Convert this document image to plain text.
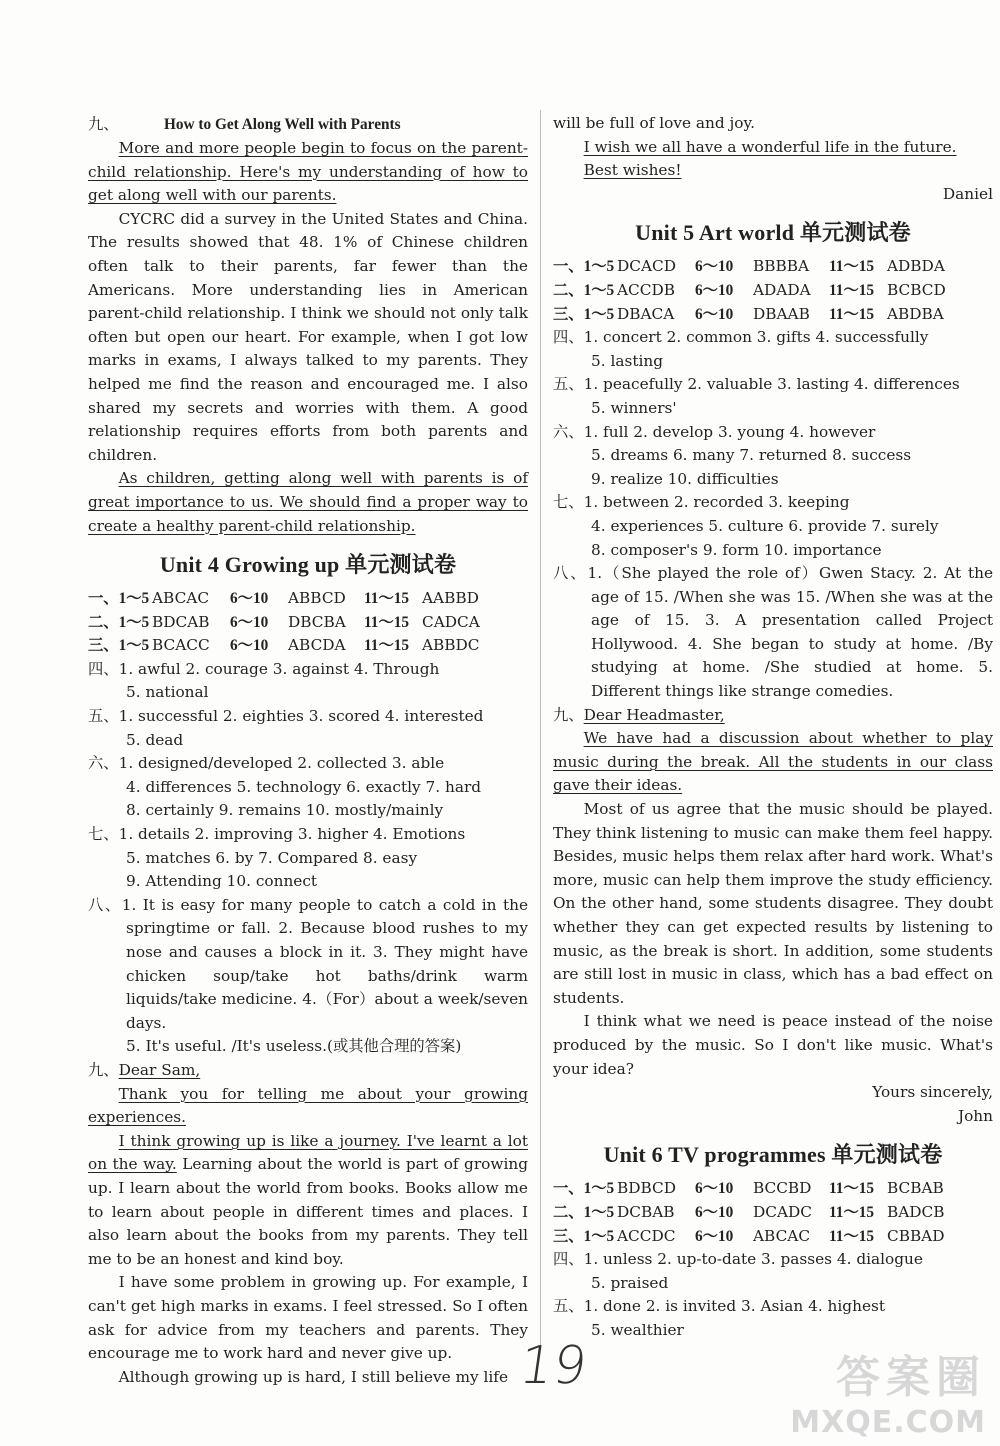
九、	How to Get Along Well with Parents

More and more people begin to focus on the parent-child relationship. Here's my understanding of how to get along well with our parents.

CYCRC did a survey in the United States and China. The results showed that 48. 1% of Chinese children often talk to their parents, far fewer than the Americans. More understanding lies in American parent-child relationship. I think we should not only talk often but open our heart. For example, when I got low marks in exams, I always talked to my parents. They helped me find the reason and encouraged me. I also shared my secrets and worries with them. A good relationship requires efforts from both parents and children.

As children, getting along well with parents is of great importance to us. We should find a proper way to create a healthy parent-child relationship.

Unit 4 Growing up 单元测试卷

一、1～5 ABCAC 6～10 ABBCD 11～15 AABBD

二、1～5 BDCAB 6～10 DBCBA 11～15 CADCA

三、1～5 BCACC 6～10 ABCDA 11～15 ABBDC

四、1. awful 2. courage 3. against 4. Through

5. national

五、1. successful 2. eighties 3. scored 4. interested

5. dead

六、1. designed/developed 2. collected 3. able

4. differences 5. technology 6. exactly 7. hard

8. certainly 9. remains 10. mostly/mainly

七、1. details 2. improving 3. higher 4. Emotions

5. matches 6. by 7. Compared 8. easy

9. Attending 10. connect

八、1. It is easy for many people to catch a cold in the springtime or fall. 2. Because blood rushes to my nose and causes a block in it. 3. They might have chicken soup/take hot baths/drink warm liquids/take medicine. 4.（For）about a week/seven days.

5. It's useful. /It's useless.(或其他合理的答案)

九、Dear Sam,

Thank you for telling me about your growing experiences.

I think growing up is like a journey. I've learnt a lot on the way. Learning about the world is part of growing up. I learn about the world from books. Books allow me to learn about people in different times and places. I also learn about the books from my parents. They tell me to be an honest and kind boy.

I have some problem in growing up. For example, I can't get high marks in exams. I feel stressed. So I often ask for advice from my teachers and parents. They encourage me to work hard and never give up.

Although growing up is hard, I still believe my life

will be full of love and joy.

I wish we all have a wonderful life in the future.

Best wishes!

Daniel

Unit 5 Art world 单元测试卷

一、1～5 DCACD 6～10 BBBBA 11～15 ADBDA

二、1～5 ACCDB 6～10 ADADA 11～15 BCBCD

三、1～5 DBACA 6～10 DBAAB 11～15 ABDBA

四、1. concert 2. common 3. gifts 4. successfully

5. lasting

五、1. peacefully 2. valuable 3. lasting 4. differences

5. winners'

六、1. full 2. develop 3. young 4. however

5. dreams 6. many 7. returned 8. success

9. realize 10. difficulties

七、1. between 2. recorded 3. keeping

4. experiences 5. culture 6. provide 7. surely

8. composer's 9. form 10. importance

八、1.（She played the role of）Gwen Stacy. 2. At the age of 15. /When she was 15. /When she was at the age of 15. 3. A presentation called Project Hollywood. 4. She began to study at home. /By studying at home. /She studied at home. 5. Different things like strange comedies.

九、Dear Headmaster,

We have had a discussion about whether to play music during the break. All the students in our class gave their ideas.

Most of us agree that the music should be played. They think listening to music can make them feel happy. Besides, music helps them relax after hard work. What's more, music can help them improve the study efficiency. On the other hand, some students disagree. They doubt whether they can get expected results by listening to music, as the break is short. In addition, some students are still lost in music in class, which has a bad effect on students.

I think what we need is peace instead of the noise produced by the music. So I don't like music. What's your idea?

Yours sincerely,

John

Unit 6 TV programmes 单元测试卷

一、1～5 BDBCD 6～10 BCCBD 11～15 BCBAB

二、1～5 DCBAB 6～10 DCADC 11～15 BADCB

三、1～5 ACCDC 6～10 ABCAC 11～15 CBBAD

四、1. unless 2. up-to-date 3. passes 4. dialogue

5. praised

五、1. done 2. is invited 3. Asian 4. highest

5. wealthier

19	答案圈
MXQE.COM
